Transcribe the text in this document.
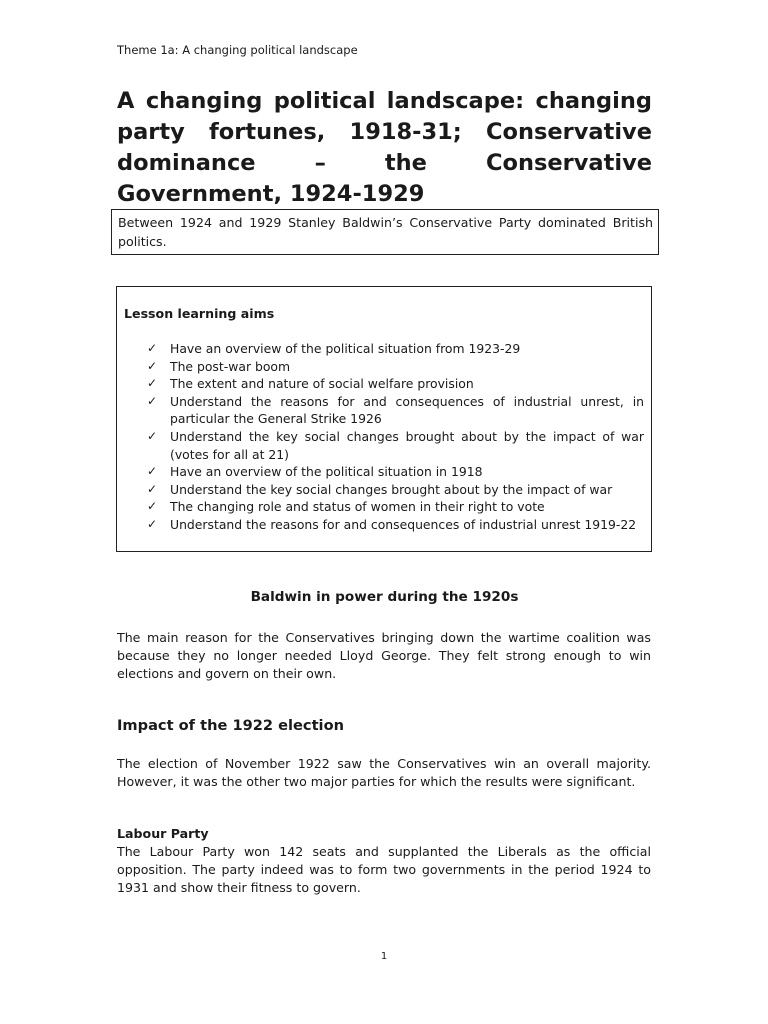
Theme 1a: A changing political landscape
A changing political landscape: changing party fortunes, 1918-31; Conservative dominance – the Conservative Government, 1924-1929
Between 1924 and 1929 Stanley Baldwin’s Conservative Party dominated British politics.
Lesson learning aims
✓ Have an overview of the political situation from 1923-29
✓ The post-war boom
✓ The extent and nature of social welfare provision
✓ Understand the reasons for and consequences of industrial unrest, in particular the General Strike 1926
✓ Understand the key social changes brought about by the impact of war (votes for all at 21)
✓ Have an overview of the political situation in 1918
✓ Understand the key social changes brought about by the impact of war
✓ The changing role and status of women in their right to vote
✓ Understand the reasons for and consequences of industrial unrest 1919-22
Baldwin in power during the 1920s

The main reason for the Conservatives bringing down the wartime coalition was because they no longer needed Lloyd George. They felt strong enough to win elections and govern on their own.

Impact of the 1922 election

The election of November 1922 saw the Conservatives win an overall majority. However, it was the other two major parties for which the results were significant.

Labour Party

The Labour Party won 142 seats and supplanted the Liberals as the official opposition. The party indeed was to form two governments in the period 1924 to 1931 and show their fitness to govern.

1
